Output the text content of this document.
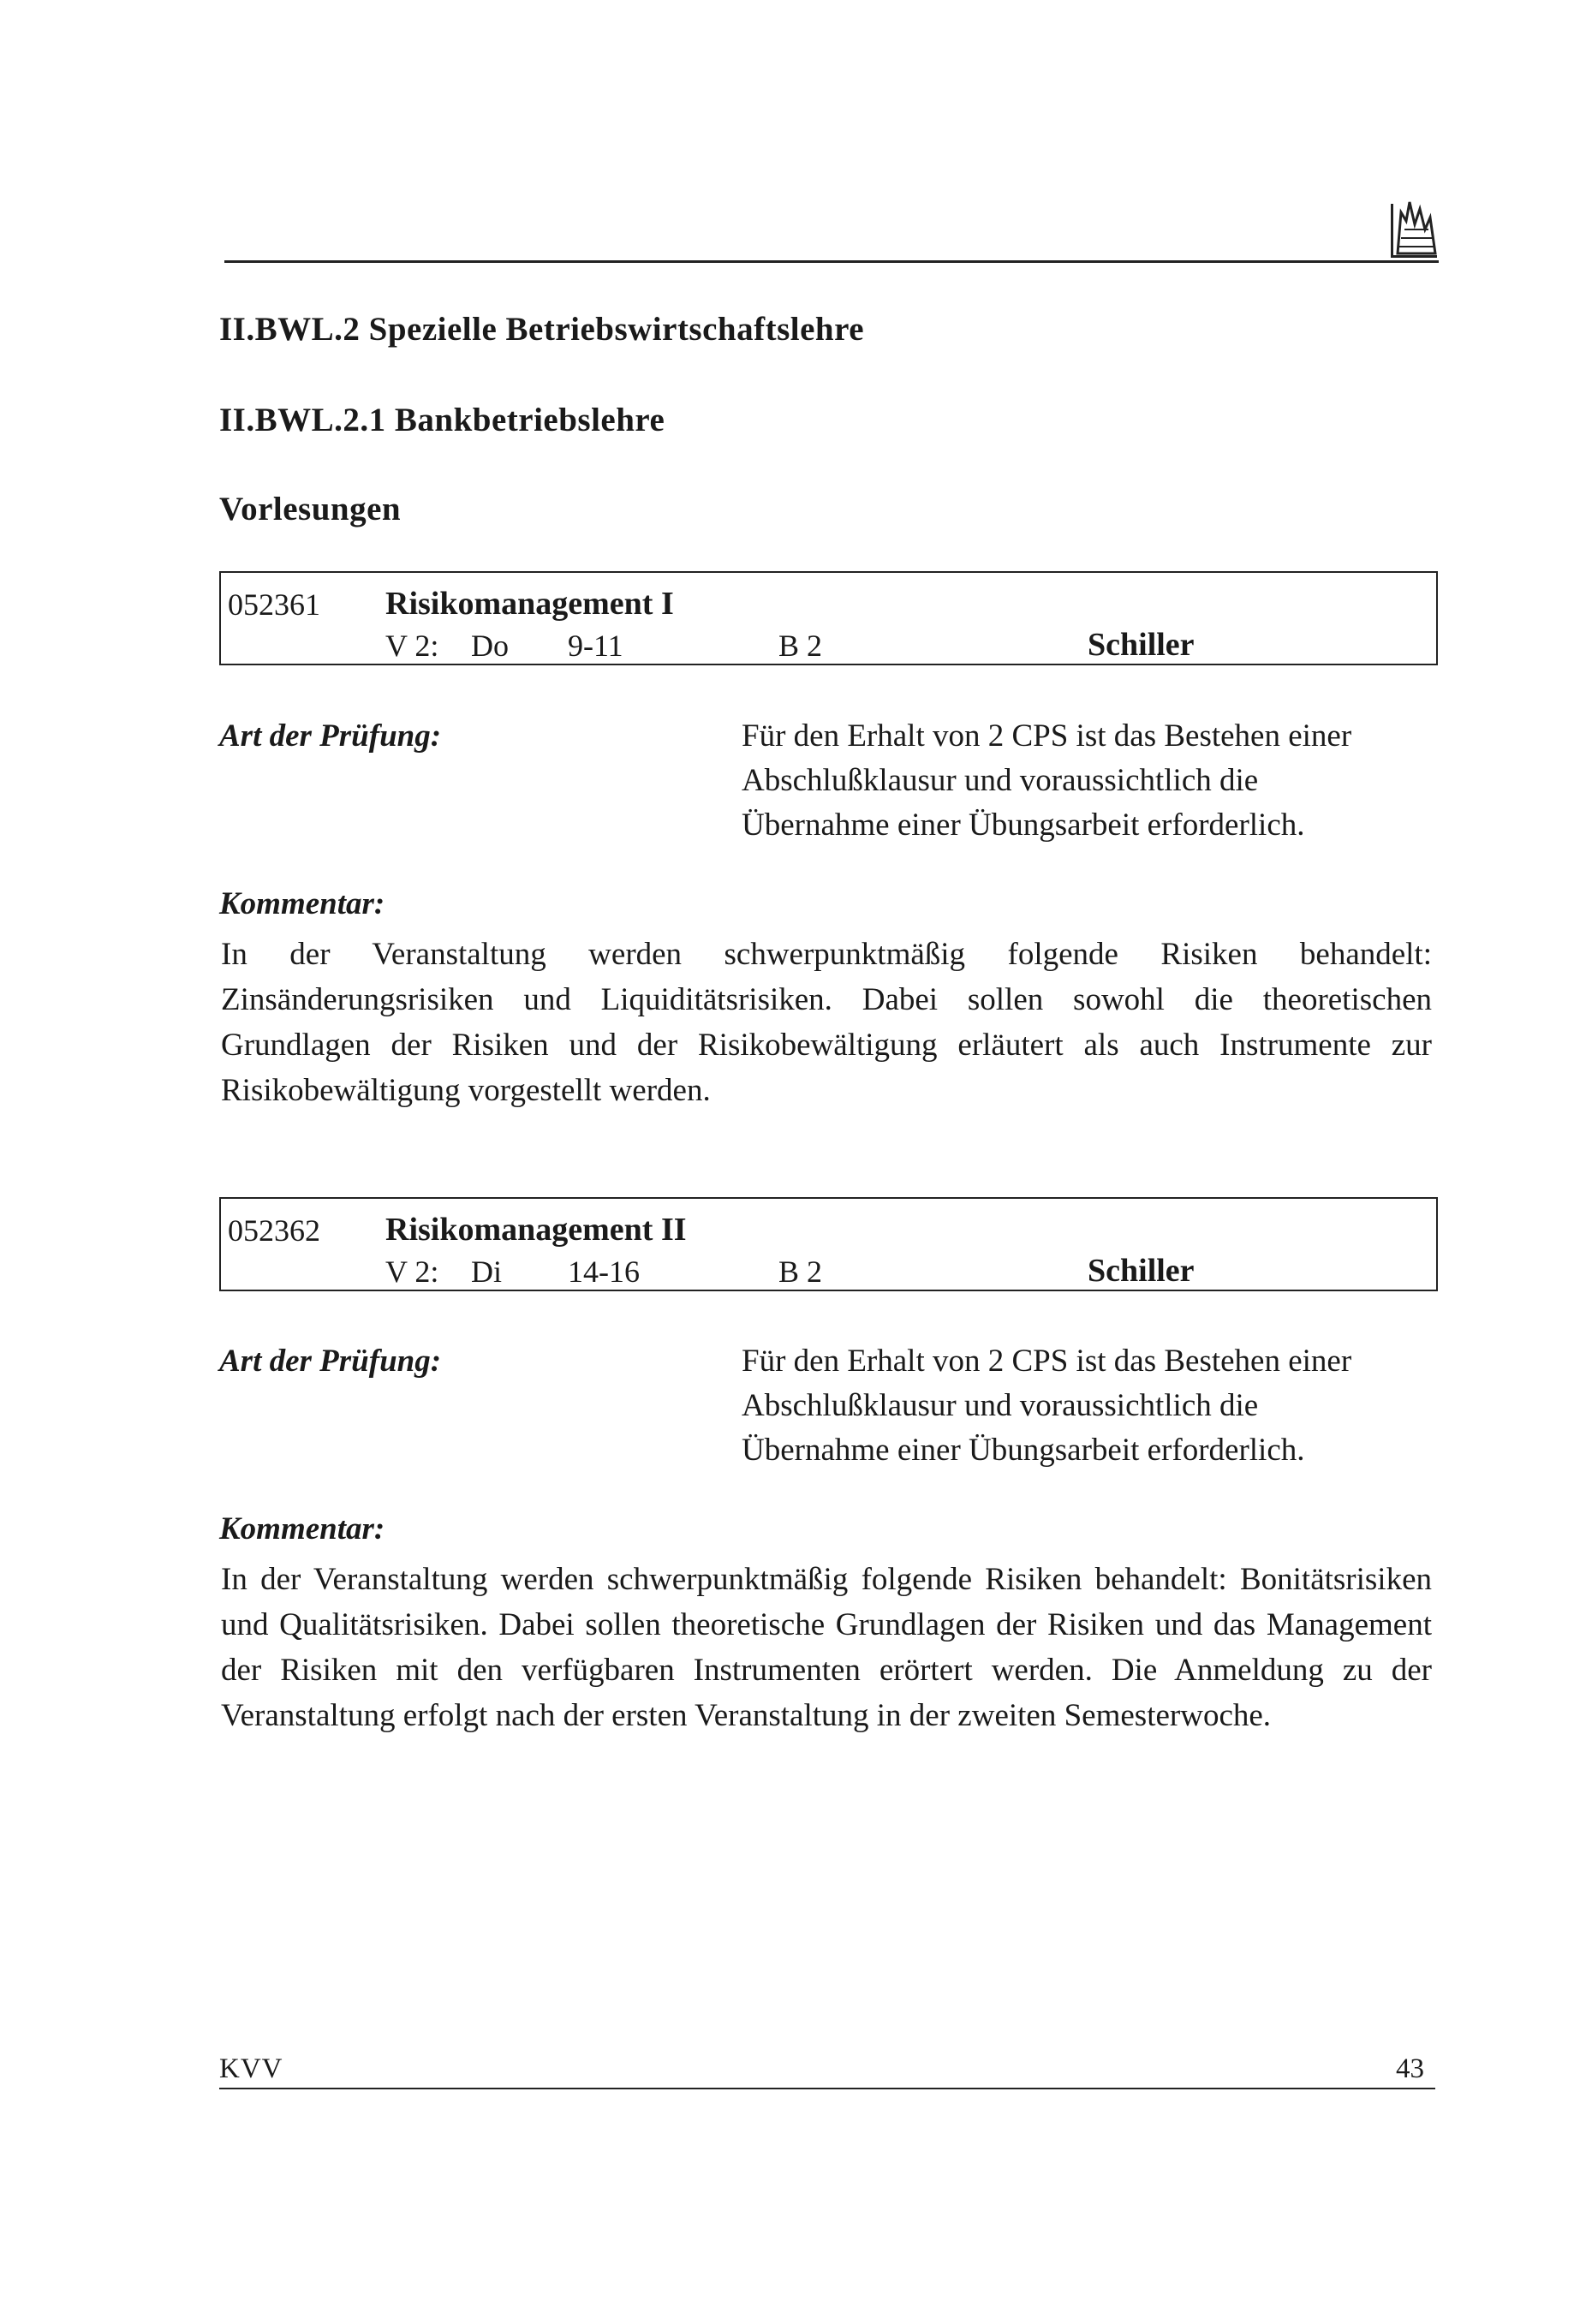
II.BWL.2 Spezielle Betriebswirtschaftslehre
II.BWL.2.1 Bankbetriebslehre
Vorlesungen
052361 Risikomanagement I
V 2: Do 9-11	B 2	Schiller
Art der Prüfung:	Für den Erhalt von 2 CPS ist das Bestehen einer Abschlußklausur und voraussichtlich die Übernahme einer Übungsarbeit erforderlich.
Kommentar:
In der Veranstaltung werden schwerpunktmäßig folgende Risiken behandelt: Zinsänderungsrisiken und Liquiditätsrisiken. Dabei sollen sowohl die theoretischen Grundlagen der Risiken und der Risikobewältigung erläutert als auch Instrumente zur Risikobewältigung vorgestellt werden.
052362 Risikomanagement II
V 2: Di 14-16	B 2	Schiller
Art der Prüfung:	Für den Erhalt von 2 CPS ist das Bestehen einer Abschlußklausur und voraussichtlich die Übernahme einer Übungsarbeit erforderlich.
Kommentar:
In der Veranstaltung werden schwerpunktmäßig folgende Risiken behandelt: Bonitätsrisiken und Qualitätsrisiken. Dabei sollen theoretische Grundlagen der Risiken und das Management der Risiken mit den verfügbaren Instrumenten erörtert werden. Die Anmeldung zu der Veranstaltung erfolgt nach der ersten Veranstaltung in der zweiten Semesterwoche.
KVV	43
